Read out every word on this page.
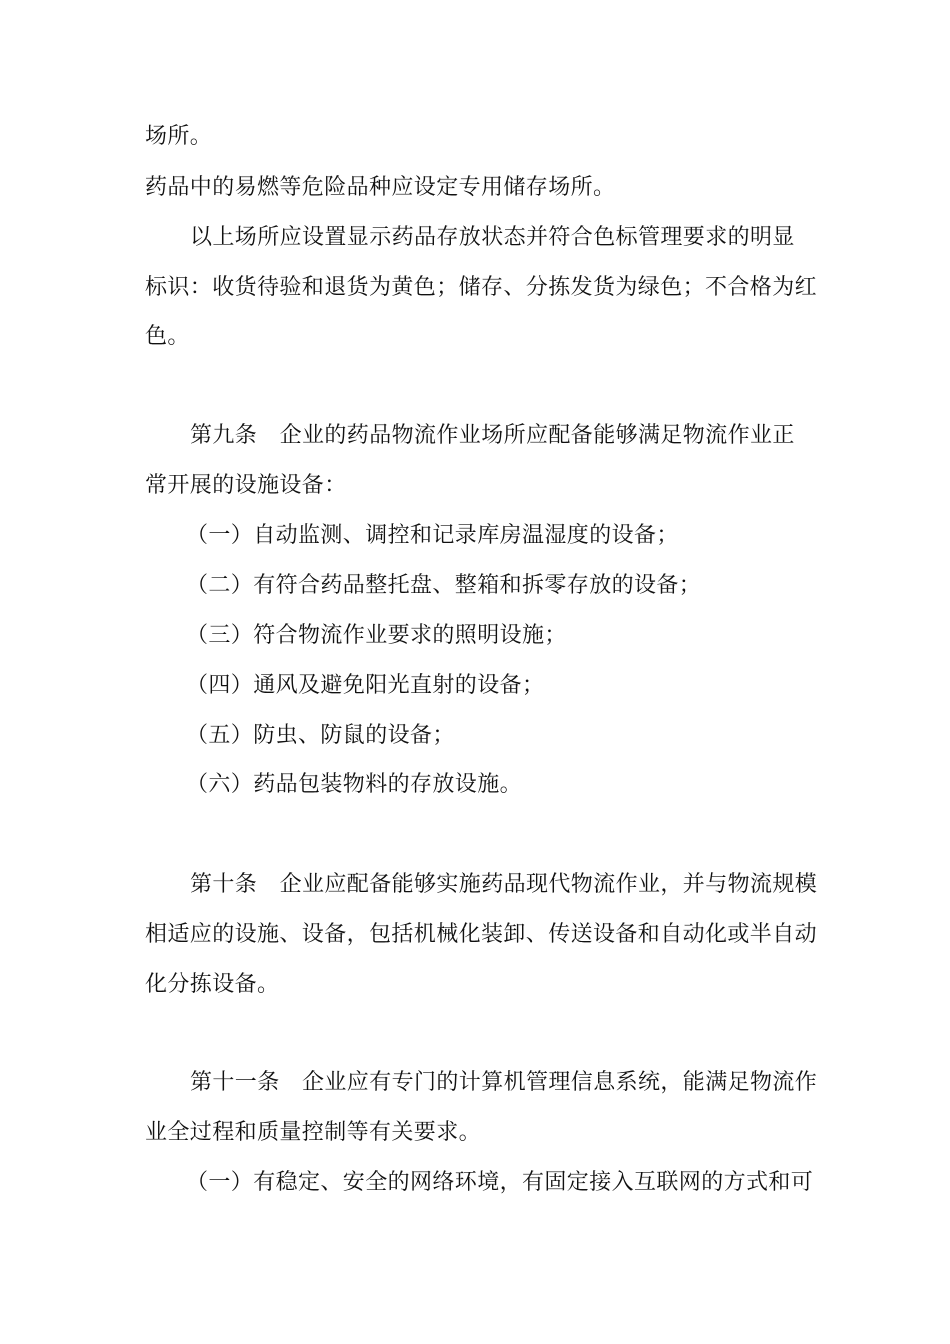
场所。
药品中的易燃等危险品种应设定专用储存场所。
以上场所应设置显示药品存放状态并符合色标管理要求的明显
标识：收货待验和退货为黄色；储存、分拣发货为绿色；不合格为红
色。
第九条　企业的药品物流作业场所应配备能够满足物流作业正
常开展的设施设备：
（一）自动监测、调控和记录库房温湿度的设备；
（二）有符合药品整托盘、整箱和拆零存放的设备；
（三）符合物流作业要求的照明设施；
（四）通风及避免阳光直射的设备；
（五）防虫、防鼠的设备；
（六）药品包装物料的存放设施。
第十条　企业应配备能够实施药品现代物流作业，并与物流规模
相适应的设施、设备，包括机械化装卸、传送设备和自动化或半自动
化分拣设备。
第十一条　企业应有专门的计算机管理信息系统，能满足物流作
业全过程和质量控制等有关要求。
（一）有稳定、安全的网络环境，有固定接入互联网的方式和可
